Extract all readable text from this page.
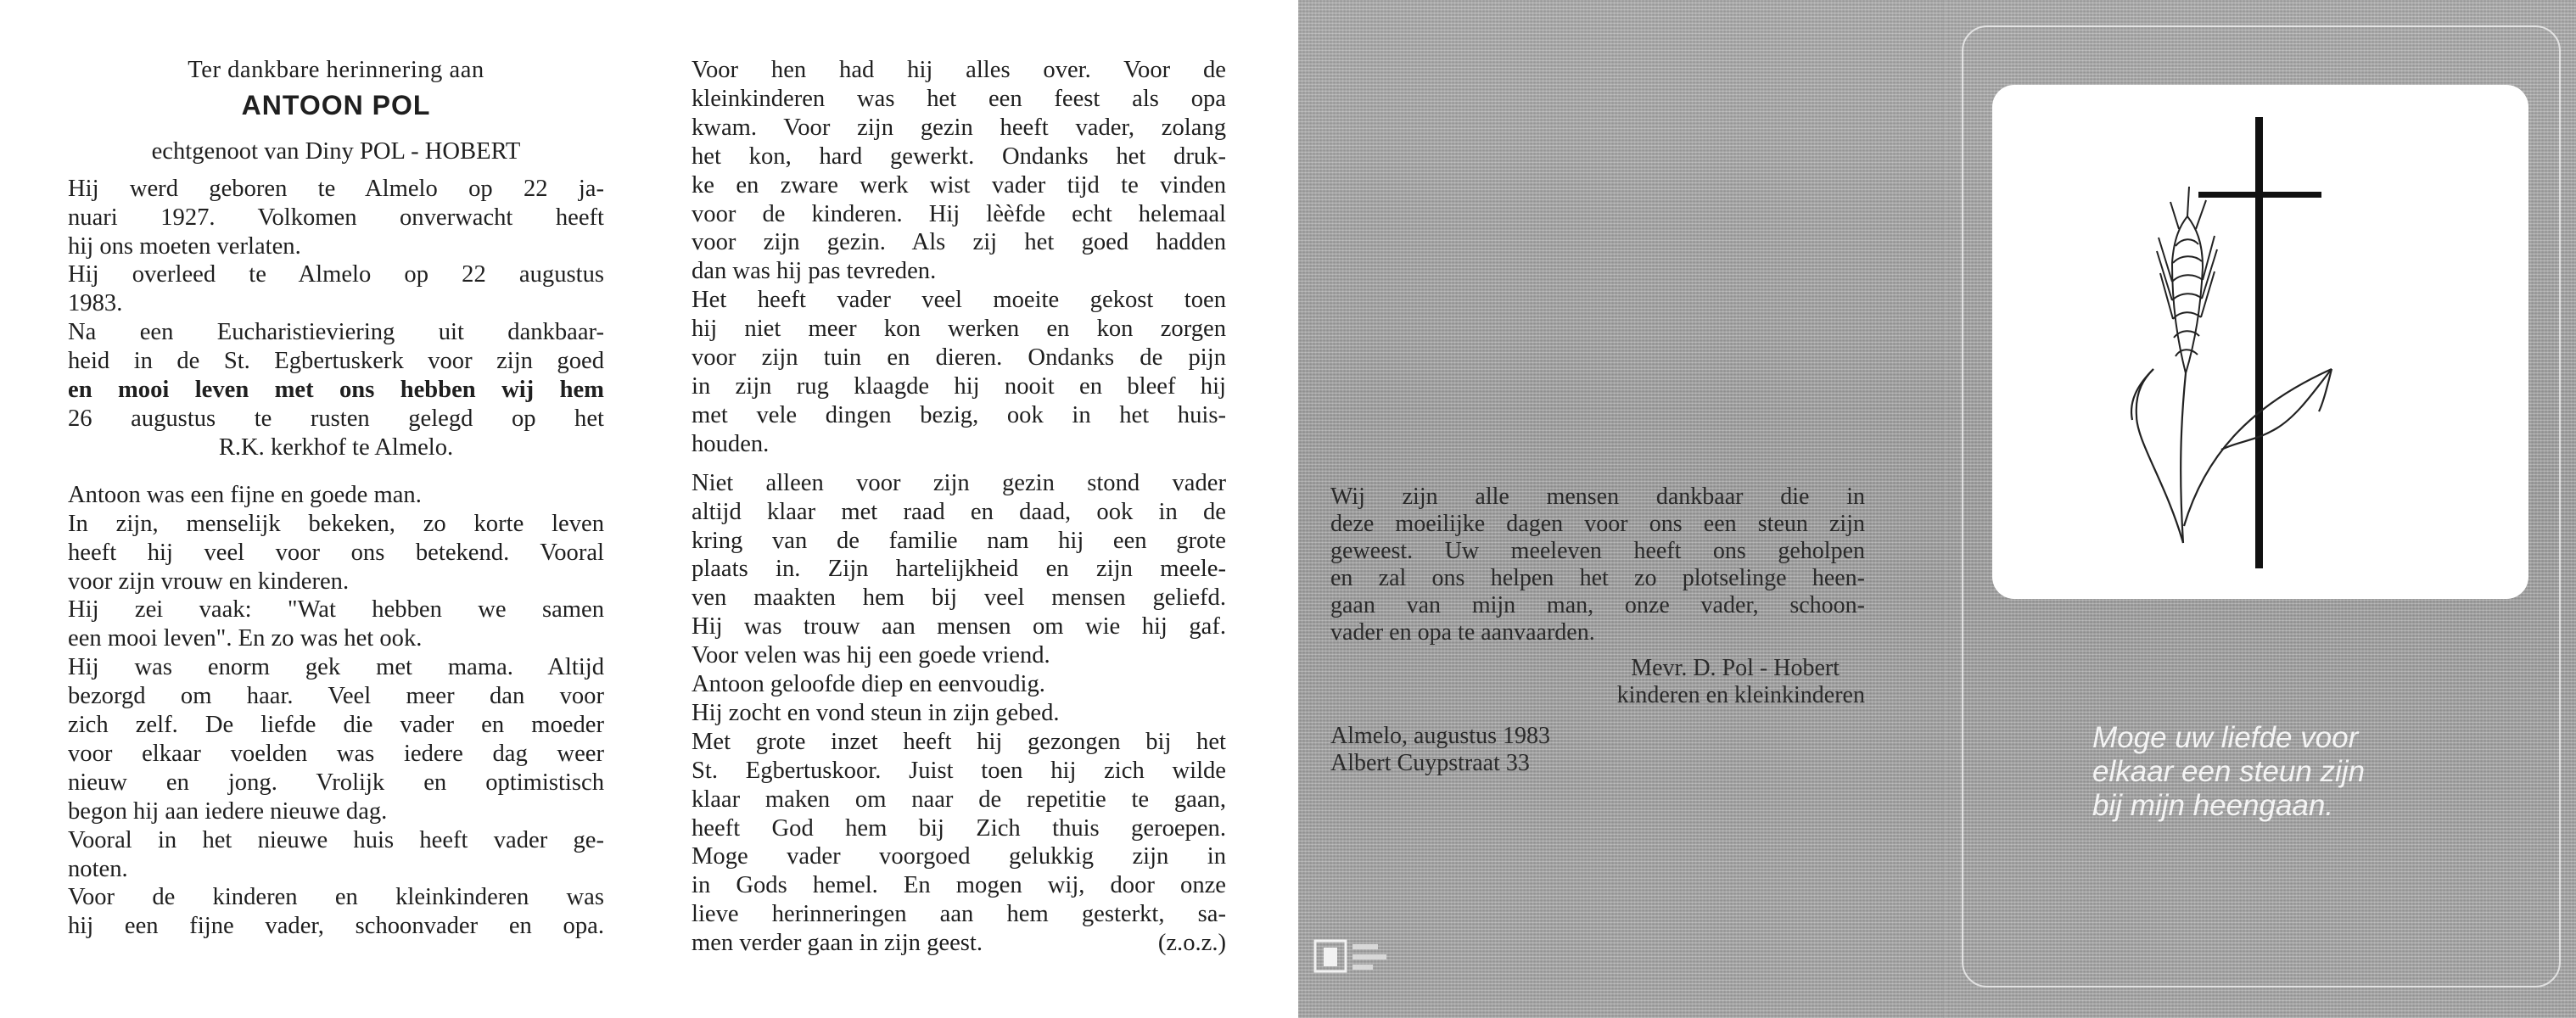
Ter dankbare herinnering aan
ANTOON POL
echtgenoot van Diny POL - HOBERT
Hij werd geboren te Almelo op 22 ja-
nuari 1927. Volkomen onverwacht heeft
hij ons moeten verlaten.
Hij overleed te Almelo op 22 augustus
1983.
Na een Eucharistieviering uit dankbaar-
heid in de St. Egbertuskerk voor zijn goed
en mooi leven met ons hebben wij hem
26 augustus te rusten gelegd op het
R.K. kerkhof te Almelo.
Antoon was een fijne en goede man.
In zijn, menselijk bekeken, zo korte leven
heeft hij veel voor ons betekend. Vooral
voor zijn vrouw en kinderen.
Hij zei vaak: "Wat hebben we samen
een mooi leven". En zo was het ook.
Hij was enorm gek met mama. Altijd
bezorgd om haar. Veel meer dan voor
zich zelf. De liefde die vader en moeder
voor elkaar voelden was iedere dag weer
nieuw en jong. Vrolijk en optimistisch
begon hij aan iedere nieuwe dag.
Vooral in het nieuwe huis heeft vader ge-
noten.
Voor de kinderen en kleinkinderen was
hij een fijne vader, schoonvader en opa.
Voor hen had hij alles over. Voor de
kleinkinderen was het een feest als opa
kwam. Voor zijn gezin heeft vader, zolang
het kon, hard gewerkt. Ondanks het druk-
ke en zware werk wist vader tijd te vinden
voor de kinderen. Hij lèèfde echt helemaal
voor zijn gezin. Als zij het goed hadden
dan was hij pas tevreden.
Het heeft vader veel moeite gekost toen
hij niet meer kon werken en kon zorgen
voor zijn tuin en dieren. Ondanks de pijn
in zijn rug klaagde hij nooit en bleef hij
met vele dingen bezig, ook in het huis-
houden.
Niet alleen voor zijn gezin stond vader
altijd klaar met raad en daad, ook in de
kring van de familie nam hij een grote
plaats in. Zijn hartelijkheid en zijn meele-
ven maakten hem bij veel mensen geliefd.
Hij was trouw aan mensen om wie hij gaf.
Voor velen was hij een goede vriend.
Antoon geloofde diep en eenvoudig.
Hij zocht en vond steun in zijn gebed.
Met grote inzet heeft hij gezongen bij het
St. Egbertuskoor. Juist toen hij zich wilde
klaar maken om naar de repetitie te gaan,
heeft God hem bij Zich thuis geroepen.
Moge vader voorgoed gelukkig zijn in
in Gods hemel. En mogen wij, door onze
lieve herinneringen aan hem gesterkt, sa-
men verder gaan in zijn geest.	(z.o.z.)
Wij zijn alle mensen dankbaar die in
deze moeilijke dagen voor ons een steun zijn
geweest. Uw meeleven heeft ons geholpen
en zal ons helpen het zo plotselinge heen-
gaan van mijn man, onze vader, schoon-
vader en opa te aanvaarden.
Mevr. D. Pol - Hobert
kinderen en kleinkinderen
Almelo, augustus 1983
Albert Cuypstraat 33
Moge uw liefde voor
elkaar een steun zijn
bij mijn heengaan.
